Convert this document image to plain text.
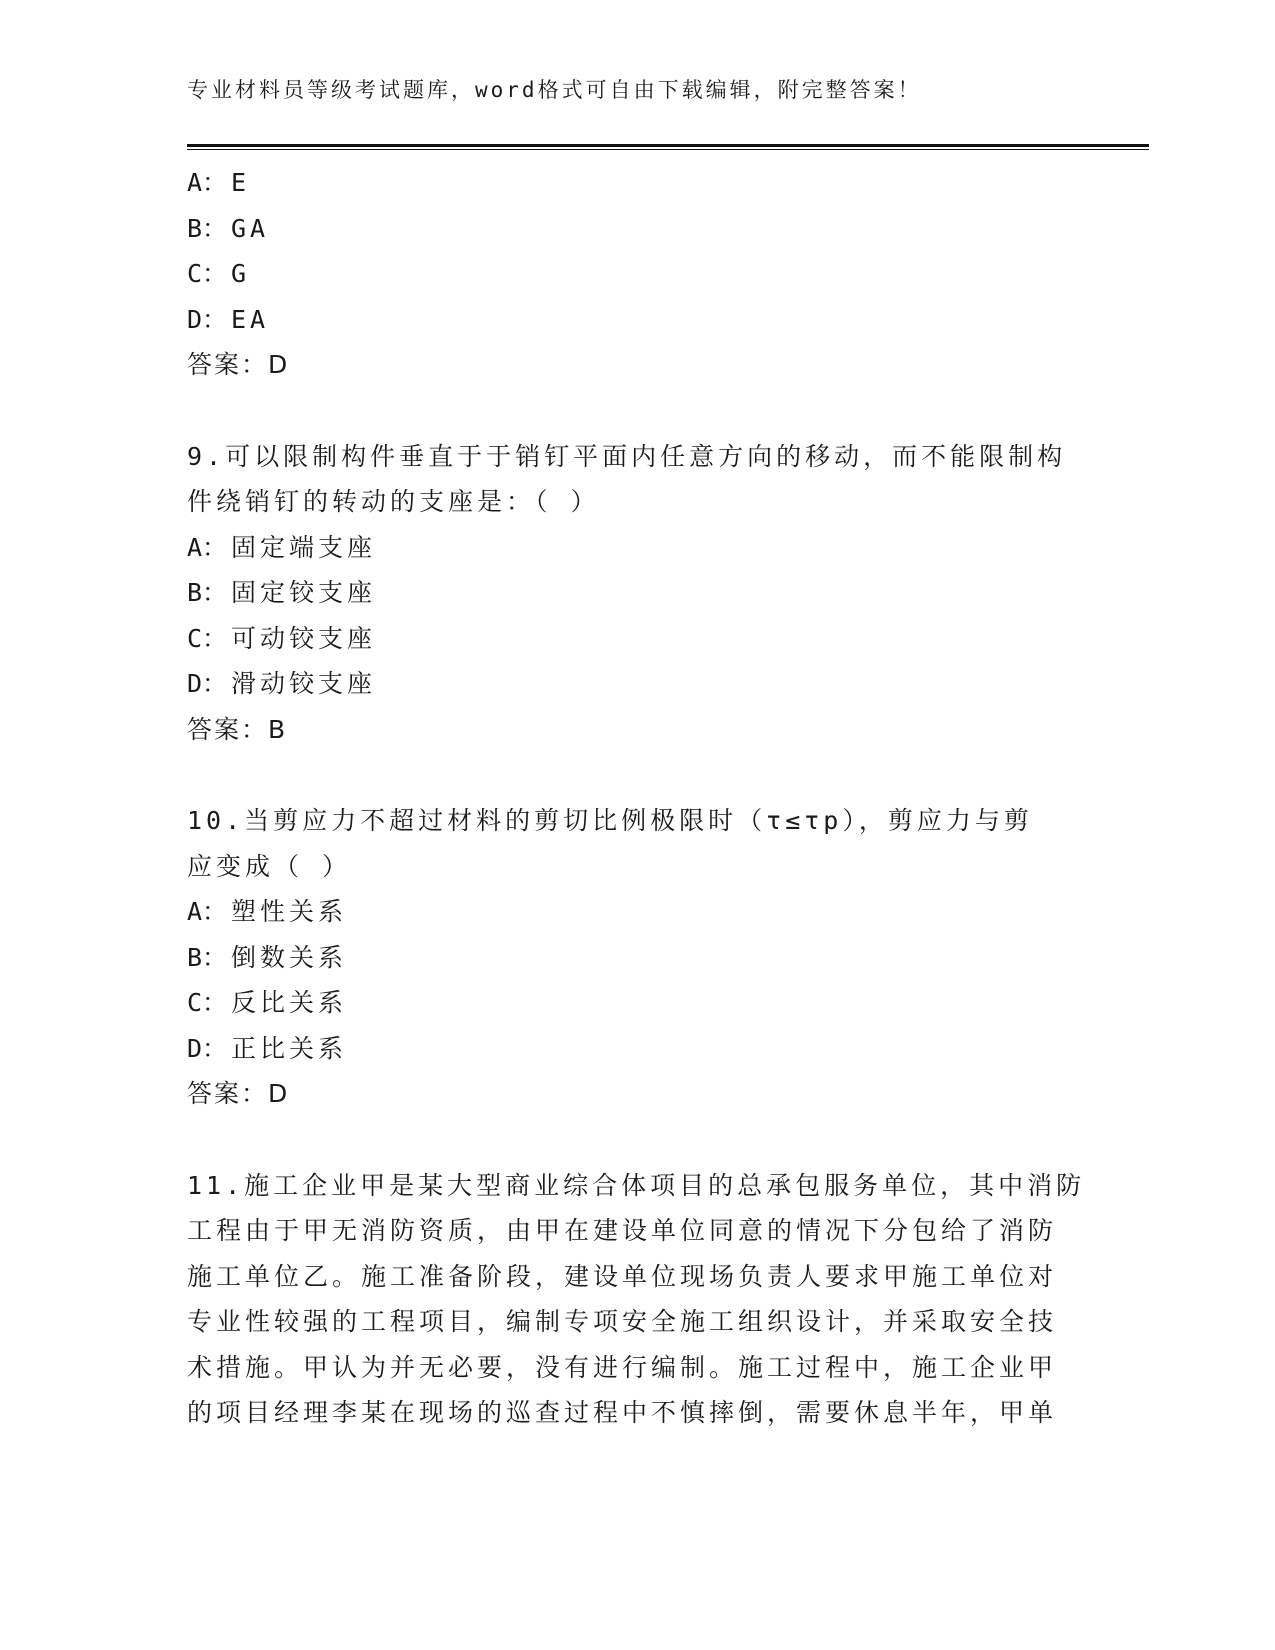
专业材料员等级考试题库，word格式可自由下载编辑，附完整答案！
A： E
B： GA
C： G
D： EA
答案：D
9.可以限制构件垂直于于销钉平面内任意方向的移动，而不能限制构
件绕销钉的转动的支座是：（ ）
A： 固定端支座
B： 固定铰支座
C： 可动铰支座
D： 滑动铰支座
答案：B
10.当剪应力不超过材料的剪切比例极限时（τ≤τp），剪应力与剪
应变成（ ）
A： 塑性关系
B： 倒数关系
C： 反比关系
D： 正比关系
答案：D
11.施工企业甲是某大型商业综合体项目的总承包服务单位，其中消防
工程由于甲无消防资质，由甲在建设单位同意的情况下分包给了消防
施工单位乙。施工准备阶段，建设单位现场负责人要求甲施工单位对
专业性较强的工程项目，编制专项安全施工组织设计，并采取安全技
术措施。甲认为并无必要，没有进行编制。施工过程中，施工企业甲
的项目经理李某在现场的巡查过程中不慎摔倒，需要休息半年，甲单
